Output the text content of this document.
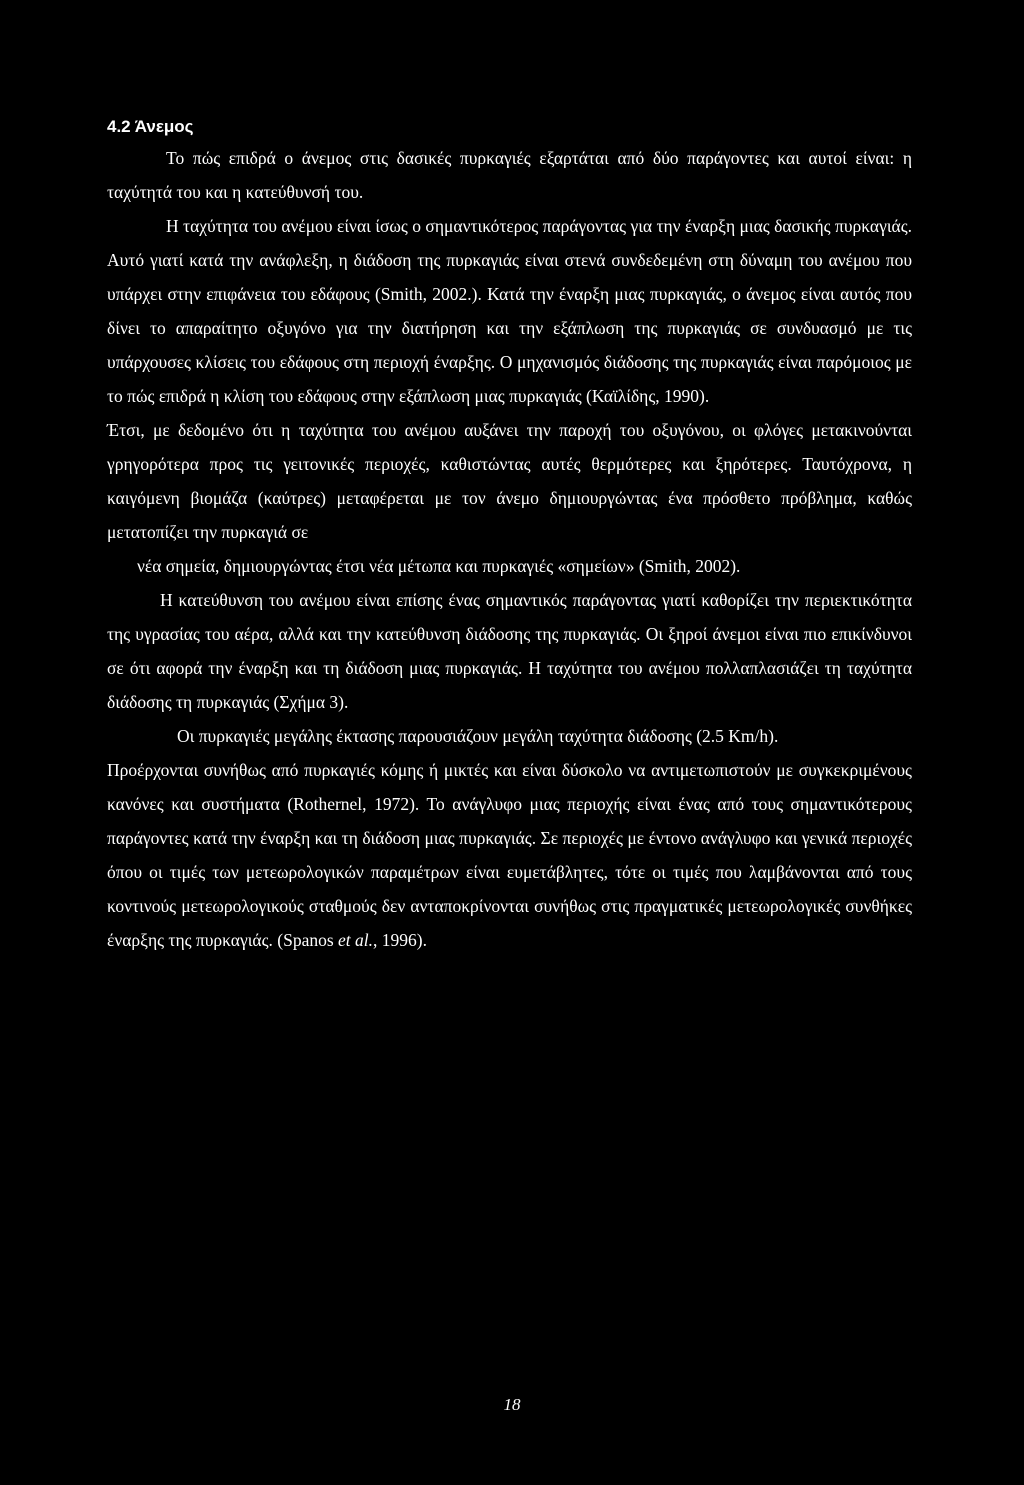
4.2 Άνεμος

Το πώς επιδρά ο άνεμος στις δασικές πυρκαγιές εξαρτάται από δύο παράγοντες και αυτοί είναι: η ταχύτητά του και η κατεύθυνσή του.

Η ταχύτητα του ανέμου είναι ίσως ο σημαντικότερος παράγοντας για την έναρξη μιας δασικής πυρκαγιάς. Αυτό γιατί κατά την ανάφλεξη, η διάδοση της πυρκαγιάς είναι στενά συνδεδεμένη στη δύναμη του ανέμου που υπάρχει στην επιφάνεια του εδάφους (Smith, 2002.). Κατά την έναρξη μιας πυρκαγιάς, ο άνεμος είναι αυτός που δίνει το απαραίτητο οξυγόνο για την διατήρηση και την εξάπλωση της πυρκαγιάς σε συνδυασμό με τις υπάρχουσες κλίσεις του εδάφους στη περιοχή έναρξης. Ο μηχανισμός διάδοσης της πυρκαγιάς είναι παρόμοιος με το πώς επιδρά η κλίση του εδάφους στην εξάπλωση μιας πυρκαγιάς (Καϊλίδης, 1990).

Έτσι, με δεδομένο ότι η ταχύτητα του ανέμου αυξάνει την παροχή του οξυγόνου, οι φλόγες μετακινούνται γρηγορότερα προς τις γειτονικές περιοχές, καθιστώντας αυτές θερμότερες και ξηρότερες. Ταυτόχρονα, η καιγόμενη βιομάζα (καύτρες) μεταφέρεται με τον άνεμο δημιουργώντας ένα πρόσθετο πρόβλημα, καθώς μετατοπίζει την πυρκαγιά σε

νέα σημεία, δημιουργώντας έτσι νέα μέτωπα και πυρκαγιές «σημείων» (Smith, 2002).

Η κατεύθυνση του ανέμου είναι επίσης ένας σημαντικός παράγοντας γιατί καθορίζει την περιεκτικότητα της υγρασίας του αέρα, αλλά και την κατεύθυνση διάδοσης της πυρκαγιάς. Οι ξηροί άνεμοι είναι πιο επικίνδυνοι σε ότι αφορά την έναρξη και τη διάδοση μιας πυρκαγιάς. Η ταχύτητα του ανέμου πολλαπλασιάζει τη ταχύτητα διάδοσης τη πυρκαγιάς (Σχήμα 3).

Οι πυρκαγιές μεγάλης έκτασης παρουσιάζουν μεγάλη ταχύτητα διάδοσης (2.5 Km/h).

Προέρχονται συνήθως από πυρκαγιές κόμης ή μικτές και είναι δύσκολο να αντιμετωπιστούν με συγκεκριμένους κανόνες και συστήματα (Rothernel, 1972). Το ανάγλυφο μιας περιοχής είναι ένας από τους σημαντικότερους παράγοντες κατά την έναρξη και τη διάδοση μιας πυρκαγιάς. Σε περιοχές με έντονο ανάγλυφο και γενικά περιοχές όπου οι τιμές των μετεωρολογικών παραμέτρων είναι ευμετάβλητες, τότε οι τιμές που λαμβάνονται από τους κοντινούς μετεωρολογικούς σταθμούς δεν ανταποκρίνονται συνήθως στις πραγματικές μετεωρολογικές συνθήκες έναρξης της πυρκαγιάς. (Spanos et al., 1996).

18
